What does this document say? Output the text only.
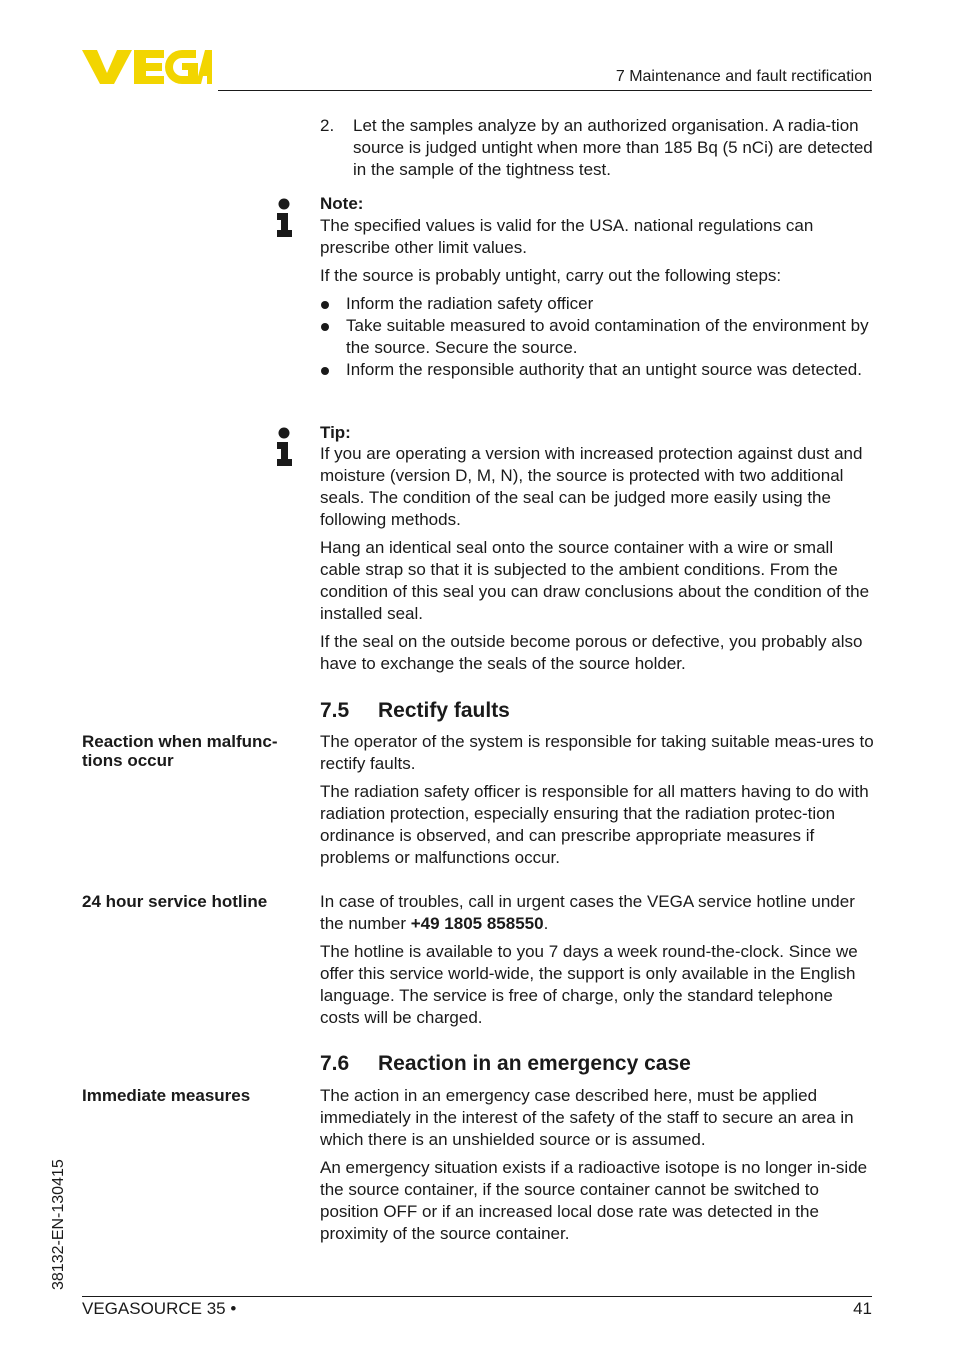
7 Maintenance and fault rectification
2. Let the samples analyze by an authorized organisation. A radia-tion source is judged untight when more than 185 Bq (5 nCi) are detected in the sample of the tightness test.
Note:
The specified values is valid for the USA. national regulations can prescribe other limit values.
If the source is probably untight, carry out the following steps:
Inform the radiation safety officer
Take suitable measured to avoid contamination of the environment by the source. Secure the source.
Inform the responsible authority that an untight source was detected.
Tip:
If you are operating a version with increased protection against dust and moisture (version D, M, N), the source is protected with two additional seals. The condition of the seal can be judged more easily using the following methods.
Hang an identical seal onto the source container with a wire or small cable strap so that it is subjected to the ambient conditions. From the condition of this seal you can draw conclusions about the condition of the installed seal.
If the seal on the outside become porous or defective, you probably also have to exchange the seals of the source holder.
7.5 Rectify faults
Reaction when malfunc-tions occur
The operator of the system is responsible for taking suitable meas-ures to rectify faults.
The radiation safety officer is responsible for all matters having to do with radiation protection, especially ensuring that the radiation protec-tion ordinance is observed, and can prescribe appropriate measures if problems or malfunctions occur.
24 hour service hotline	In case of troubles, call in urgent cases the VEGA service hotline under the number +49 1805 858550.
The hotline is available to you 7 days a week round-the-clock. Since we offer this service world-wide, the support is only available in the English language. The service is free of charge, only the standard telephone costs will be charged.
7.6 Reaction in an emergency case
Immediate measures	The action in an emergency case described here, must be applied immediately in the interest of the safety of the staff to secure an area in which there is an unshielded source or is assumed.
An emergency situation exists if a radioactive isotope is no longer in-side the source container, if the source container cannot be switched to position OFF or if an increased local dose rate was detected in the proximity of the source container.
38132-EN-130415
VEGASOURCE 35 •	41
